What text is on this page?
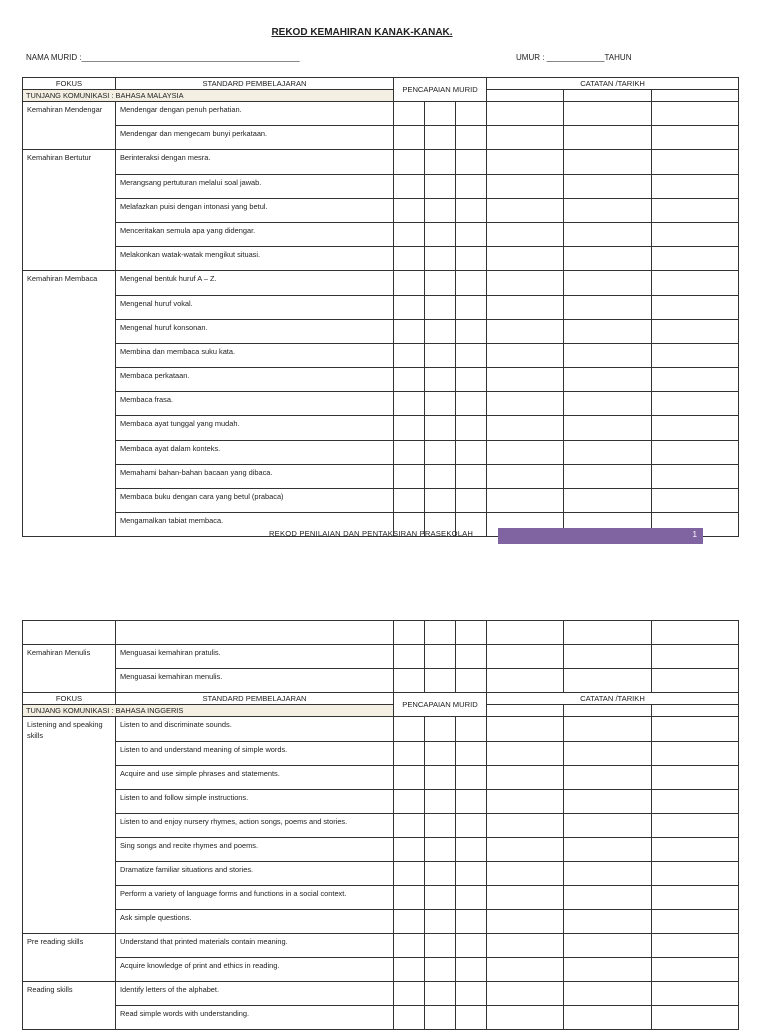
REKOD KEMAHIRAN KANAK-KANAK.
NAMA MURID :_________________________________________________	UMUR : _____________TAHUN
FOKUS	STANDARD PEMBELAJARAN	PENCAPAIAN MURID			CATATAN /TARIKH		
TUNJANG KOMUNIKASI : BAHASA MALAYSIA							

Kemahiran Mendengar	Mendengar dengan penuh perhatian.						

	Mendengar dan mengecam bunyi perkataan.						

Kemahiran Bertutur	Berinteraksi dengan mesra.						

	Merangsang pertuturan melalui soal jawab.						

	Melafazkan puisi dengan intonasi yang betul.						

	Menceritakan semula apa yang didengar.						

	Melakonkan watak-watak mengikut situasi.						

Kemahiran Membaca	Mengenal bentuk huruf A – Z.						

	Mengenal huruf vokal.						

	Mengenal huruf konsonan.						

	Membina dan membaca suku kata.						

	Membaca perkataan.						

	Membaca frasa.						

	Membaca ayat tunggal yang mudah.						

	Membaca ayat dalam konteks.						

	Memahami bahan-bahan bacaan yang dibaca.						

	Membaca buku dengan cara yang betul (prabaca)						

	Mengamalkan tabiat membaca.						

REKOD PENILAIAN DAN PENTAKSIRAN PRASEKOLAH	1

Kemahiran Menulis	Menguasai kemahiran pratulis.						

	Menguasai kemahiran menulis.						

FOKUS	STANDARD PEMBELAJARAN	PENCAPAIAN MURID			CATATAN /TARIKH		
TUNJANG KOMUNIKASI : BAHASA INGGERIS							

Listening and speaking skills	Listen to and discriminate sounds.						

	Listen to and understand meaning of simple words.						

	Acquire and use simple phrases and statements.						

	Listen to and follow simple instructions.						

	Listen to and enjoy nursery rhymes, action songs, poems and stories.						

	Sing songs and recite rhymes and poems.						

	Dramatize familiar situations and stories.						

	Perform a variety of language forms and functions in a social context.						

	Ask simple questions.						

Pre reading skills	Understand that printed materials contain meaning.						

	Acquire knowledge of print and ethics in reading.						

Reading skills	Identify letters of the alphabet.						

	Read simple words with understanding.						
